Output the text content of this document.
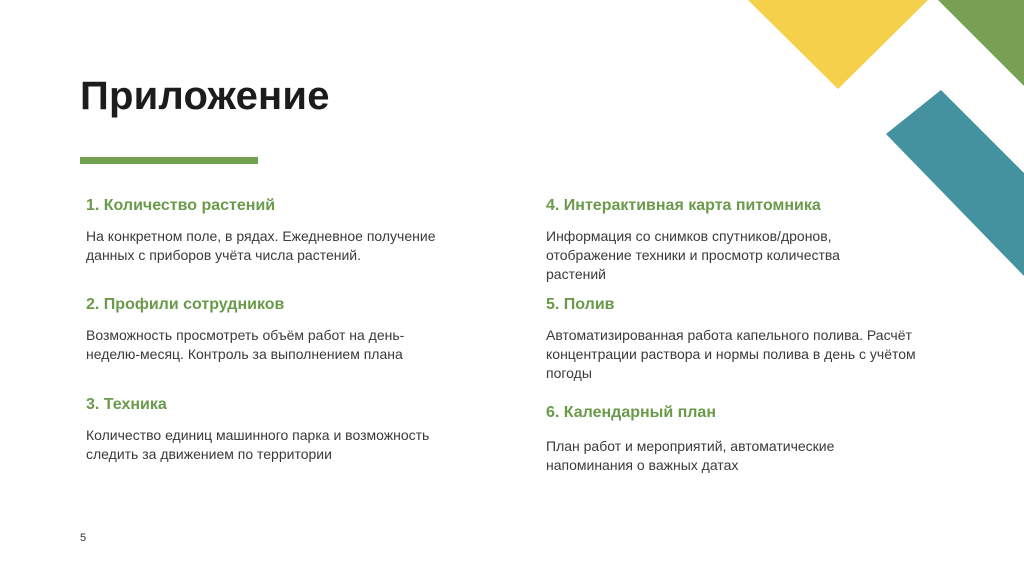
Приложение

1. Количество растений

На конкретном поле, в рядах. Ежедневное получение данных с приборов учёта числа растений.

2. Профили сотрудников

Возможность просмотреть объём работ на день-неделю-месяц. Контроль за выполнением плана

3. Техника

Количество единиц машинного парка и возможность следить за движением по территории

4. Интерактивная карта питомника

Информация со снимков спутников/дронов, отображение техники и просмотр количества растений

5. Полив

Автоматизированная работа капельного полива. Расчёт концентрации раствора и нормы полива в день с учётом погоды

6. Календарный план

План работ и мероприятий, автоматические напоминания о важных датах

5
